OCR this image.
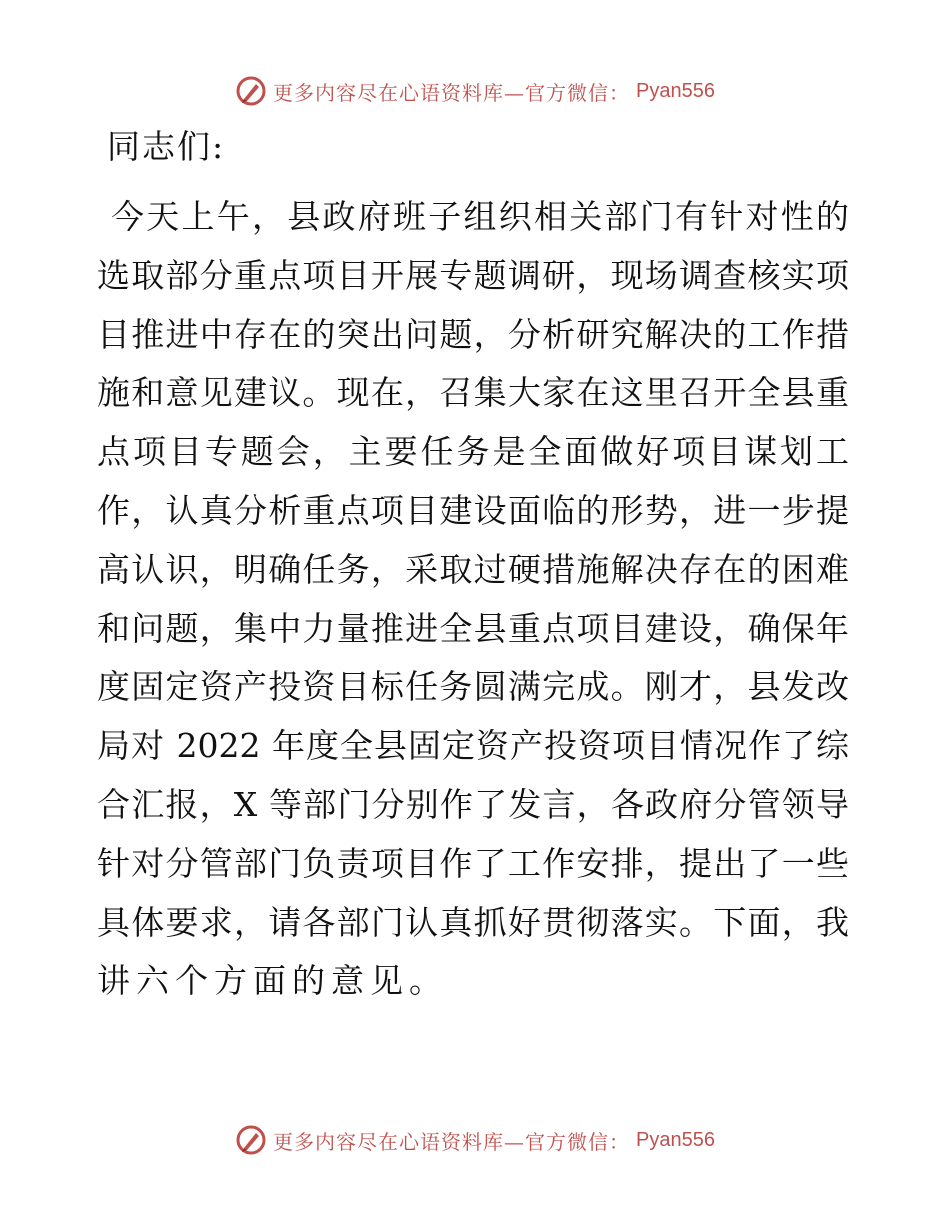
更多内容尽在心语资料库—官方微信： Pyan556

同志们:

今天上午，县政府班子组织相关部门有针对性的
选取部分重点项目开展专题调研，现场调查核实项
目推进中存在的突出问题，分析研究解决的工作措
施和意见建议。现在，召集大家在这里召开全县重
点项目专题会，主要任务是全面做好项目谋划工
作，认真分析重点项目建设面临的形势，进一步提
高认识，明确任务，采取过硬措施解决存在的困难
和问题，集中力量推进全县重点项目建设，确保年
度固定资产投资目标任务圆满完成。刚才，县发改
局对 2022 年度全县固定资产投资项目情况作了综
合汇报，X 等部门分别作了发言，各政府分管领导
针对分管部门负责项目作了工作安排，提出了一些
具体要求，请各部门认真抓好贯彻落实。下面，我
讲六个方面的意见。
更多内容尽在心语资料库—官方微信： Pyan556
